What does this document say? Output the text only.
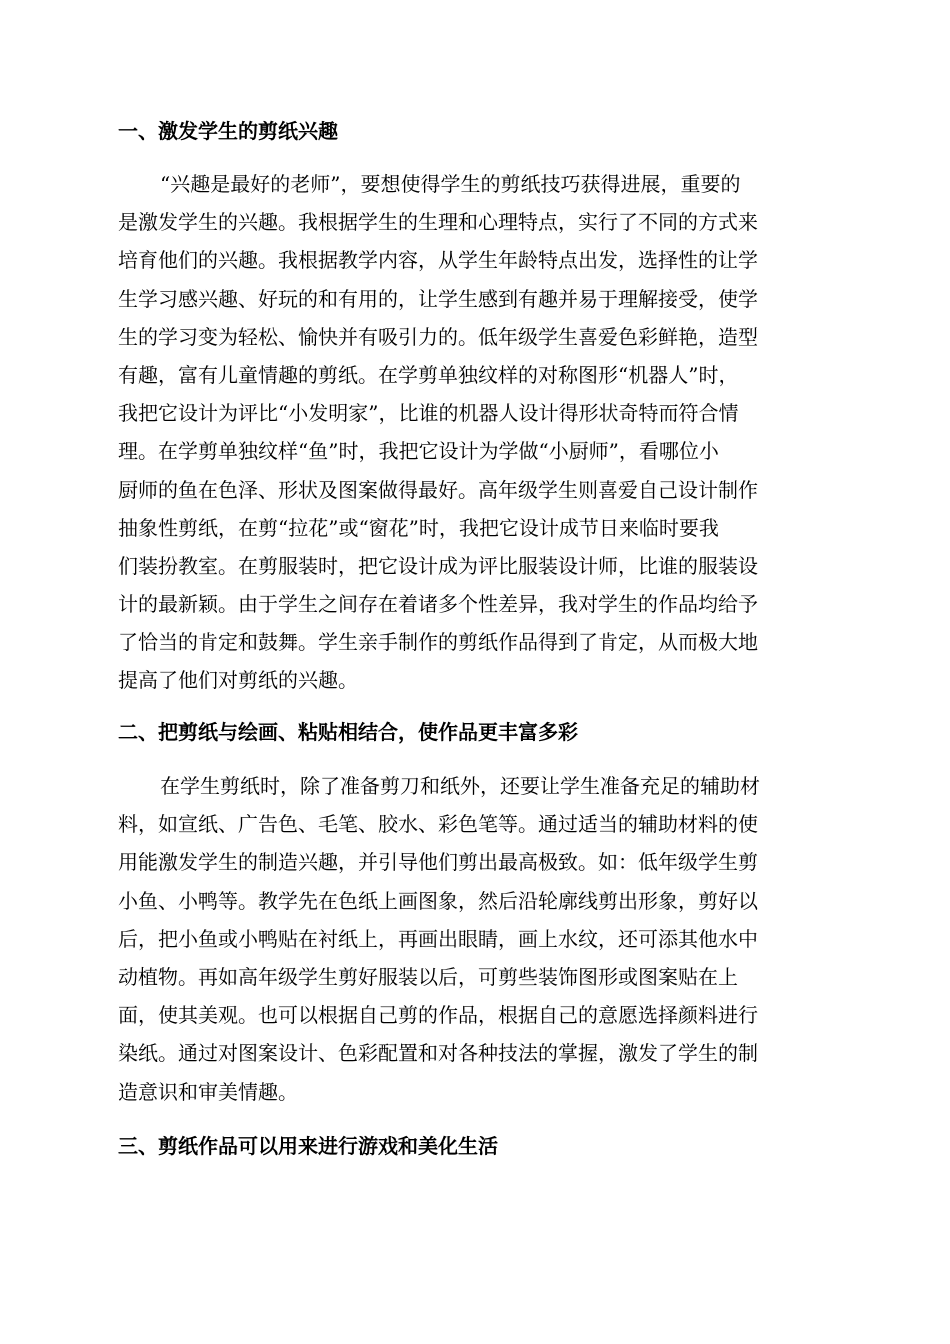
一、激发学生的剪纸兴趣
“兴趣是最好的老师”，要想使得学生的剪纸技巧获得进展，重要的
是激发学生的兴趣。我根据学生的生理和心理特点，实行了不同的方式来
培育他们的兴趣。我根据教学内容，从学生年龄特点出发，选择性的让学
生学习感兴趣、好玩的和有用的，让学生感到有趣并易于理解接受，使学
生的学习变为轻松、愉快并有吸引力的。低年级学生喜爱色彩鲜艳，造型
有趣，富有儿童情趣的剪纸。在学剪单独纹样的对称图形“机器人”时，
我把它设计为评比“小发明家”，比谁的机器人设计得形状奇特而符合情
理。在学剪单独纹样“鱼”时，我把它设计为学做“小厨师”，看哪位小
厨师的鱼在色泽、形状及图案做得最好。高年级学生则喜爱自己设计制作
抽象性剪纸，在剪“拉花”或“窗花”时，我把它设计成节日来临时要我
们装扮教室。在剪服装时，把它设计成为评比服装设计师，比谁的服装设
计的最新颖。由于学生之间存在着诸多个性差异，我对学生的作品均给予
了恰当的肯定和鼓舞。学生亲手制作的剪纸作品得到了肯定，从而极大地
提高了他们对剪纸的兴趣。
二、把剪纸与绘画、粘贴相结合，使作品更丰富多彩
在学生剪纸时，除了准备剪刀和纸外，还要让学生准备充足的辅助材
料，如宣纸、广告色、毛笔、胶水、彩色笔等。通过适当的辅助材料的使
用能激发学生的制造兴趣，并引导他们剪出最高极致。如：低年级学生剪
小鱼、小鸭等。教学先在色纸上画图象，然后沿轮廓线剪出形象，剪好以
后，把小鱼或小鸭贴在衬纸上，再画出眼睛，画上水纹，还可添其他水中
动植物。再如高年级学生剪好服装以后，可剪些装饰图形或图案贴在上
面，使其美观。也可以根据自己剪的作品，根据自己的意愿选择颜料进行
染纸。通过对图案设计、色彩配置和对各种技法的掌握，激发了学生的制
造意识和审美情趣。
三、剪纸作品可以用来进行游戏和美化生活
